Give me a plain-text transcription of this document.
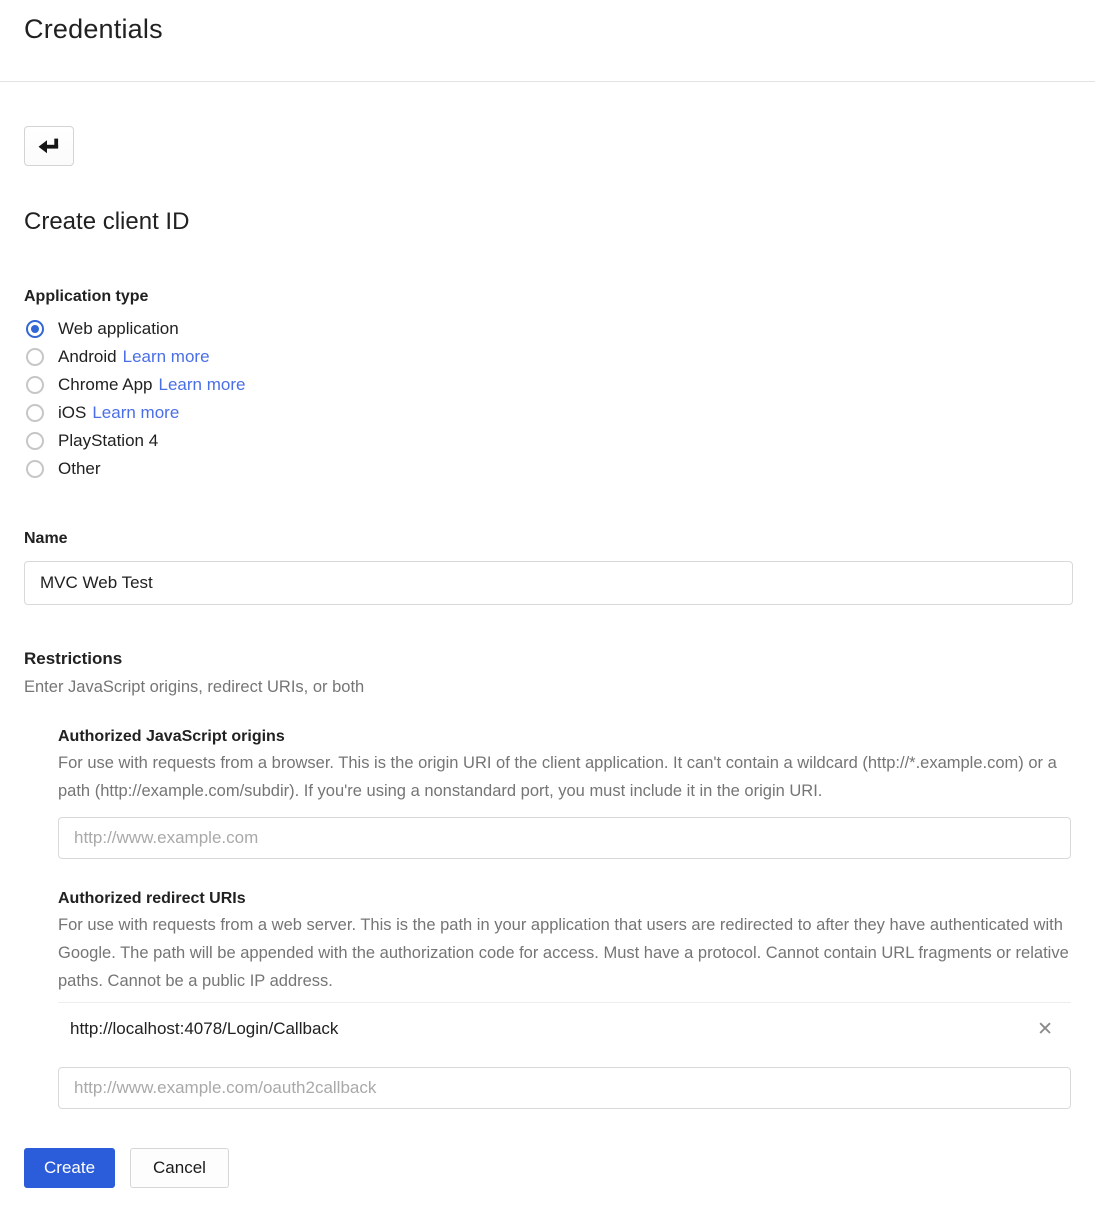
Credentials
Create client ID
Application type
Web application
Android Learn more
Chrome App Learn more
iOS Learn more
PlayStation 4
Other
Name
MVC Web Test
Restrictions
Enter JavaScript origins, redirect URIs, or both
Authorized JavaScript origins
For use with requests from a browser. This is the origin URI of the client application. It can't contain a wildcard (http://*.example.com) or a path (http://example.com/subdir). If you're using a nonstandard port, you must include it in the origin URI.
http://www.example.com
Authorized redirect URIs
For use with requests from a web server. This is the path in your application that users are redirected to after they have authenticated with Google. The path will be appended with the authorization code for access. Must have a protocol. Cannot contain URL fragments or relative paths. Cannot be a public IP address.
http://localhost:4078/Login/Callback	✕
http://www.example.com/oauth2callback
Create	Cancel
